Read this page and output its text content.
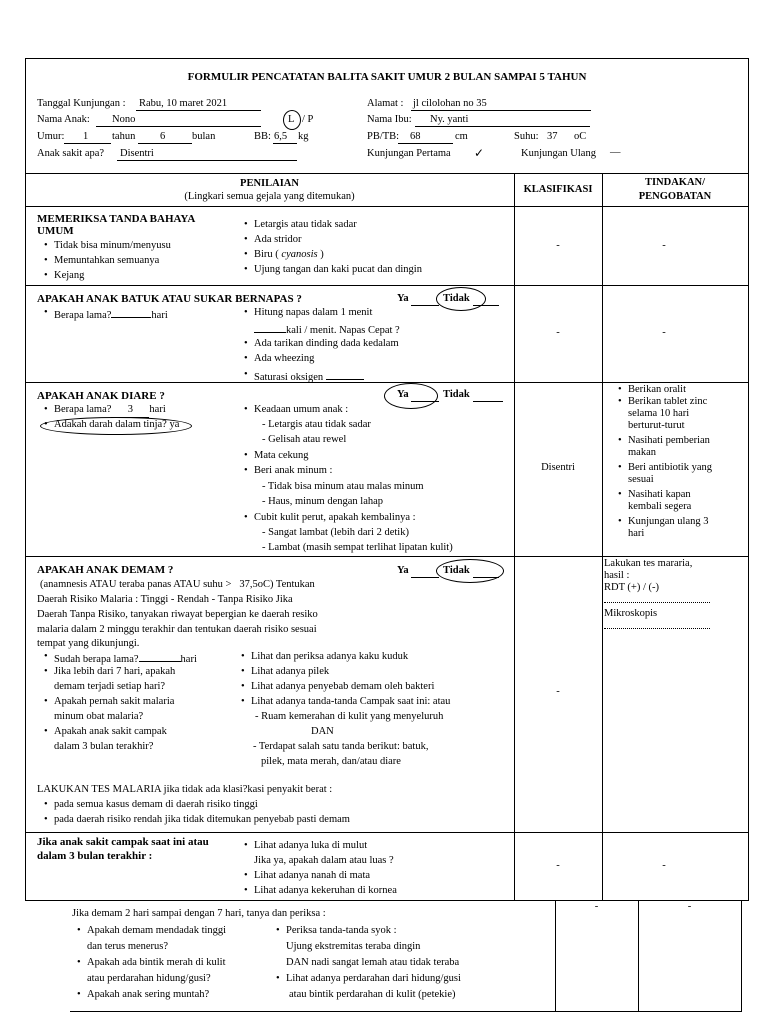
FORMULIR PENCATATAN BALITA SAKIT UMUR 2 BULAN SAMPAI 5 TAHUN
Tanggal Kunjungan : Rabu, 10 maret 2021
Nama Anak: Nono	L / P
Umur: 1 tahun 6	bulan	BB: 6,5 kg
Anak sakit apa? Disentri
Alamat : jl cilolohan no 35
Nama Ibu: Ny. yanti
PB/TB: 68	cm	Suhu: 37 oC
Kunjungan Pertama ✓	Kunjungan Ulang —
PENILAIAN
(Lingkari semua gejala yang ditemukan)
KLASIFIKASI
TINDAKAN/
PENGOBATAN
MEMERIKSA TANDA BAHAYA
UMUM
• Tidak bisa minum/menyusu
• Memuntahkan semuanya
• Kejang
• Letargis atau tidak sadar
• Ada stridor
• Biru ( cyanosis )
• Ujung tangan dan kaki pucat dan dingin
-	-
APAKAH ANAK BATUK ATAU SUKAR BERNAPAS ?	Ya	Tidak
• Berapa lama?	hari
•	Hitung napas dalam 1 menit
kali / menit. Napas Cepat ?
• Ada tarikan dinding dada kedalam
• Ada wheezing
• Saturasi oksigen
-	-
APAKAH ANAK DIARE ?	Ya	Tidak
• Berapa lama? 3 hari
• Adakah darah dalam tinja? ya
• Keadaan umum anak :
- Letargis atau tidak sadar
- Gelisah atau rewel
• Mata cekung
• Beri anak minum :
- Tidak bisa minum atau malas minum
- Haus, minum dengan lahap
• Cubit kulit perut, apakah kembalinya :
- Sangat lambat (lebih dari 2 detik)
- Lambat (masih sempat terlihat lipatan kulit)
Disentri
• Berikan oralit
• Berikan tablet zinc
selama 10 hari
berturut-turut
• Nasihati pemberian
makan
• Beri antibiotik yang
sesuai
• Nasihati kapan
kembali segera
• Kunjungan ulang 3
hari
APAKAH ANAK DEMAM ?	Ya	Tidak
(anamnesis ATAU teraba panas ATAU suhu > 37,5oC) Tentukan
Daerah Risiko Malaria : Tinggi - Rendah - Tanpa Risiko Jika
Daerah Tanpa Risiko, tanyakan riwayat bepergian ke daerah resiko
malaria dalam 2 minggu terakhir dan tentukan daerah risiko sesuai
tempat yang dikunjungi.
• Sudah berapa lama?	hari
• Jika lebih dari 7 hari, apakah
demam terjadi setiap hari?
• Apakah pernah sakit malaria
minum obat malaria?
• Apakah anak sakit campak
dalam 3 bulan terakhir?
• Lihat dan periksa adanya kaku kuduk
• Lihat adanya pilek
• Lihat adanya penyebab demam oleh bakteri
• Lihat adanya tanda-tanda Campak saat ini: atau
- Ruam kemerahan di kulit yang menyeluruh
DAN
- Terdapat salah satu tanda berikut: batuk,
pilek, mata merah, dan/atau diare
LAKUKAN TES MALARIA jika tidak ada klasi?kasi penyakit berat :
• pada semua kasus demam di daerah risiko tinggi
• pada daerah risiko rendah jika tidak ditemukan penyebab pasti demam
-
Lakukan tes mararia,
hasil :
RDT (+) / (-)
Mikroskopis
Jika anak sakit campak saat ini atau
dalam 3 bulan terakhir :
• Lihat adanya luka di mulut
Jika ya, apakah dalam atau luas ?
• Lihat adanya nanah di mata
• Lihat adanya kekeruhan di kornea
-	-
Jika demam 2 hari sampai dengan 7 hari, tanya dan periksa :
• Apakah demam mendadak tinggi
dan terus menerus?
• Apakah ada bintik merah di kulit
atau perdarahan hidung/gusi?
• Apakah anak sering muntah?
• Periksa tanda-tanda syok :
Ujung ekstremitas teraba dingin
DAN nadi sangat lemah atau tidak teraba
• Lihat adanya perdarahan dari hidung/gusi
atau bintik perdarahan di kulit (petekie)
-	-
